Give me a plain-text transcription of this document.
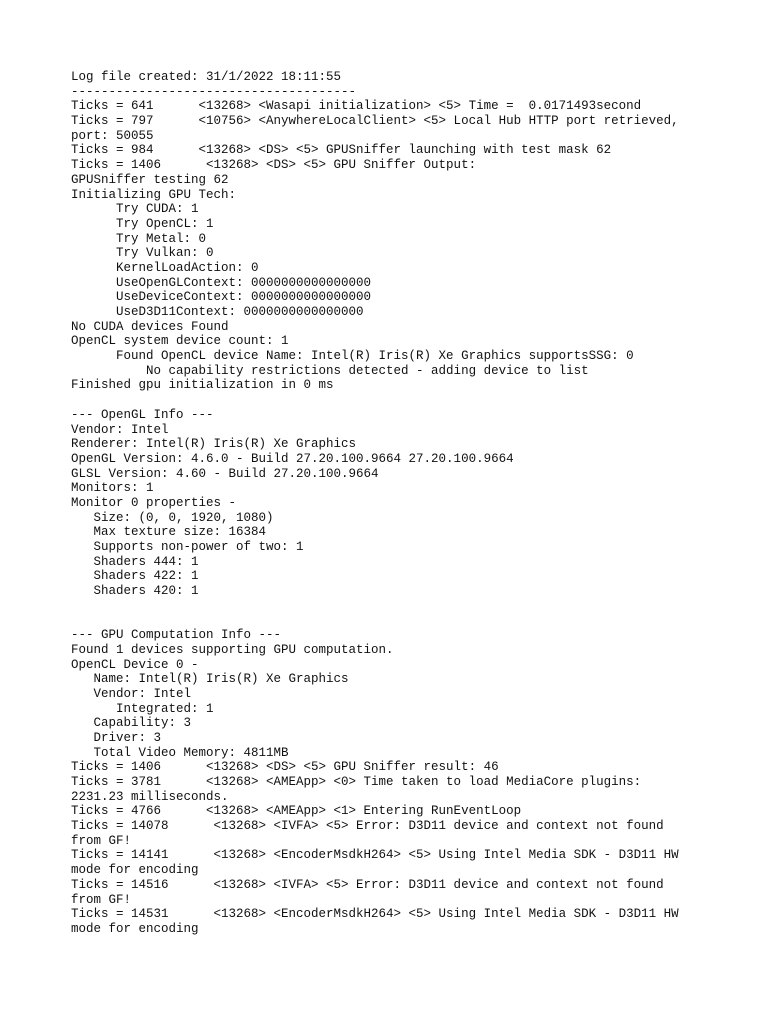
Log file created: 31/1/2022 18:11:55
--------------------------------------
Ticks = 641      <13268> <Wasapi initialization> <5> Time =  0.0171493second
Ticks = 797      <10756> <AnywhereLocalClient> <5> Local Hub HTTP port retrieved,
port: 50055
Ticks = 984      <13268> <DS> <5> GPUSniffer launching with test mask 62
Ticks = 1406      <13268> <DS> <5> GPU Sniffer Output:
GPUSniffer testing 62
Initializing GPU Tech:
Try CUDA: 1
Try OpenCL: 1
Try Metal: 0
Try Vulkan: 0
KernelLoadAction: 0
UseOpenGLContext: 0000000000000000
UseDeviceContext: 0000000000000000
UseD3D11Context: 0000000000000000
No CUDA devices Found
OpenCL system device count: 1
Found OpenCL device Name: Intel(R) Iris(R) Xe Graphics supportsSSG: 0
No capability restrictions detected - adding device to list
Finished gpu initialization in 0 ms
--- OpenGL Info ---
Vendor: Intel
Renderer: Intel(R) Iris(R) Xe Graphics
OpenGL Version: 4.6.0 - Build 27.20.100.9664 27.20.100.9664
GLSL Version: 4.60 - Build 27.20.100.9664
Monitors: 1
Monitor 0 properties -
Size: (0, 0, 1920, 1080)
Max texture size: 16384
Supports non-power of two: 1
Shaders 444: 1
Shaders 422: 1
Shaders 420: 1
--- GPU Computation Info ---
Found 1 devices supporting GPU computation.
OpenCL Device 0 -
Name: Intel(R) Iris(R) Xe Graphics
Vendor: Intel
Integrated: 1
Capability: 3
Driver: 3
Total Video Memory: 4811MB
Ticks = 1406      <13268> <DS> <5> GPU Sniffer result: 46
Ticks = 3781      <13268> <AMEApp> <0> Time taken to load MediaCore plugins:
2231.23 milliseconds.
Ticks = 4766      <13268> <AMEApp> <1> Entering RunEventLoop
Ticks = 14078      <13268> <IVFA> <5> Error: D3D11 device and context not found
from GF!
Ticks = 14141      <13268> <EncoderMsdkH264> <5> Using Intel Media SDK - D3D11 HW
mode for encoding
Ticks = 14516      <13268> <IVFA> <5> Error: D3D11 device and context not found
from GF!
Ticks = 14531      <13268> <EncoderMsdkH264> <5> Using Intel Media SDK - D3D11 HW
mode for encoding
